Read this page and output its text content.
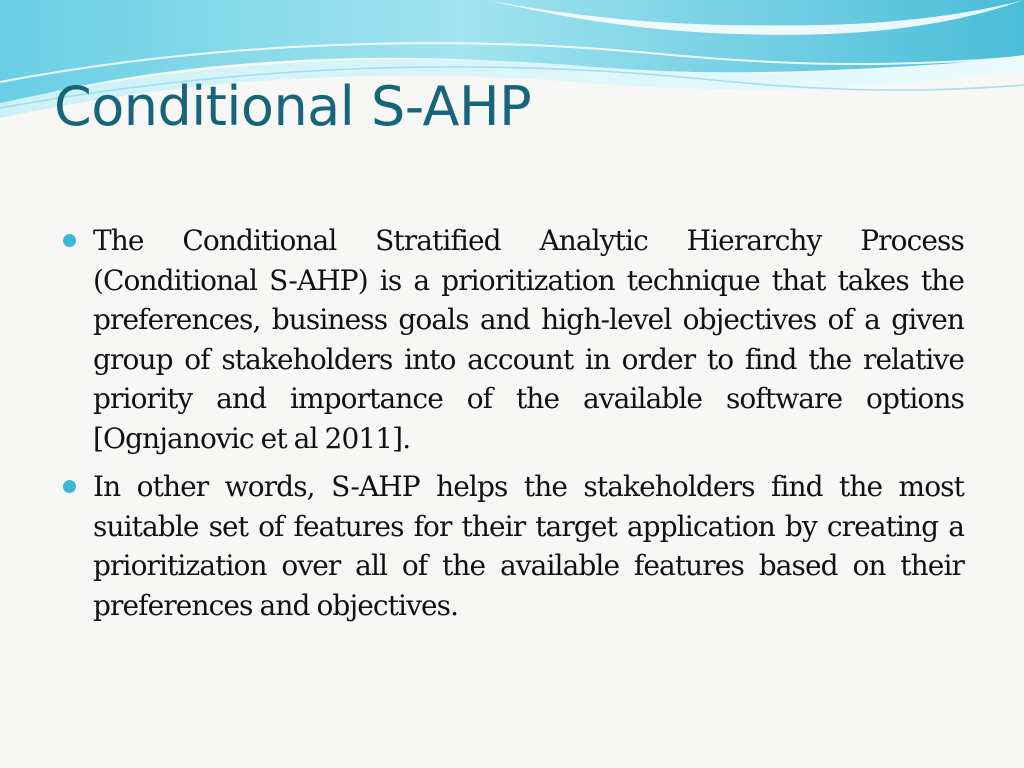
Conditional S-AHP
The Conditional Stratified Analytic Hierarchy Process (Conditional S-AHP) is a prioritization technique that takes the preferences, business goals and high-level objectives of a given group of stakeholders into account in order to find the relative priority and importance of the available software options [Ognjanovic et al 2011].
In other words, S-AHP helps the stakeholders find the most suitable set of features for their target application by creating a prioritization over all of the available features based on their preferences and objectives.
